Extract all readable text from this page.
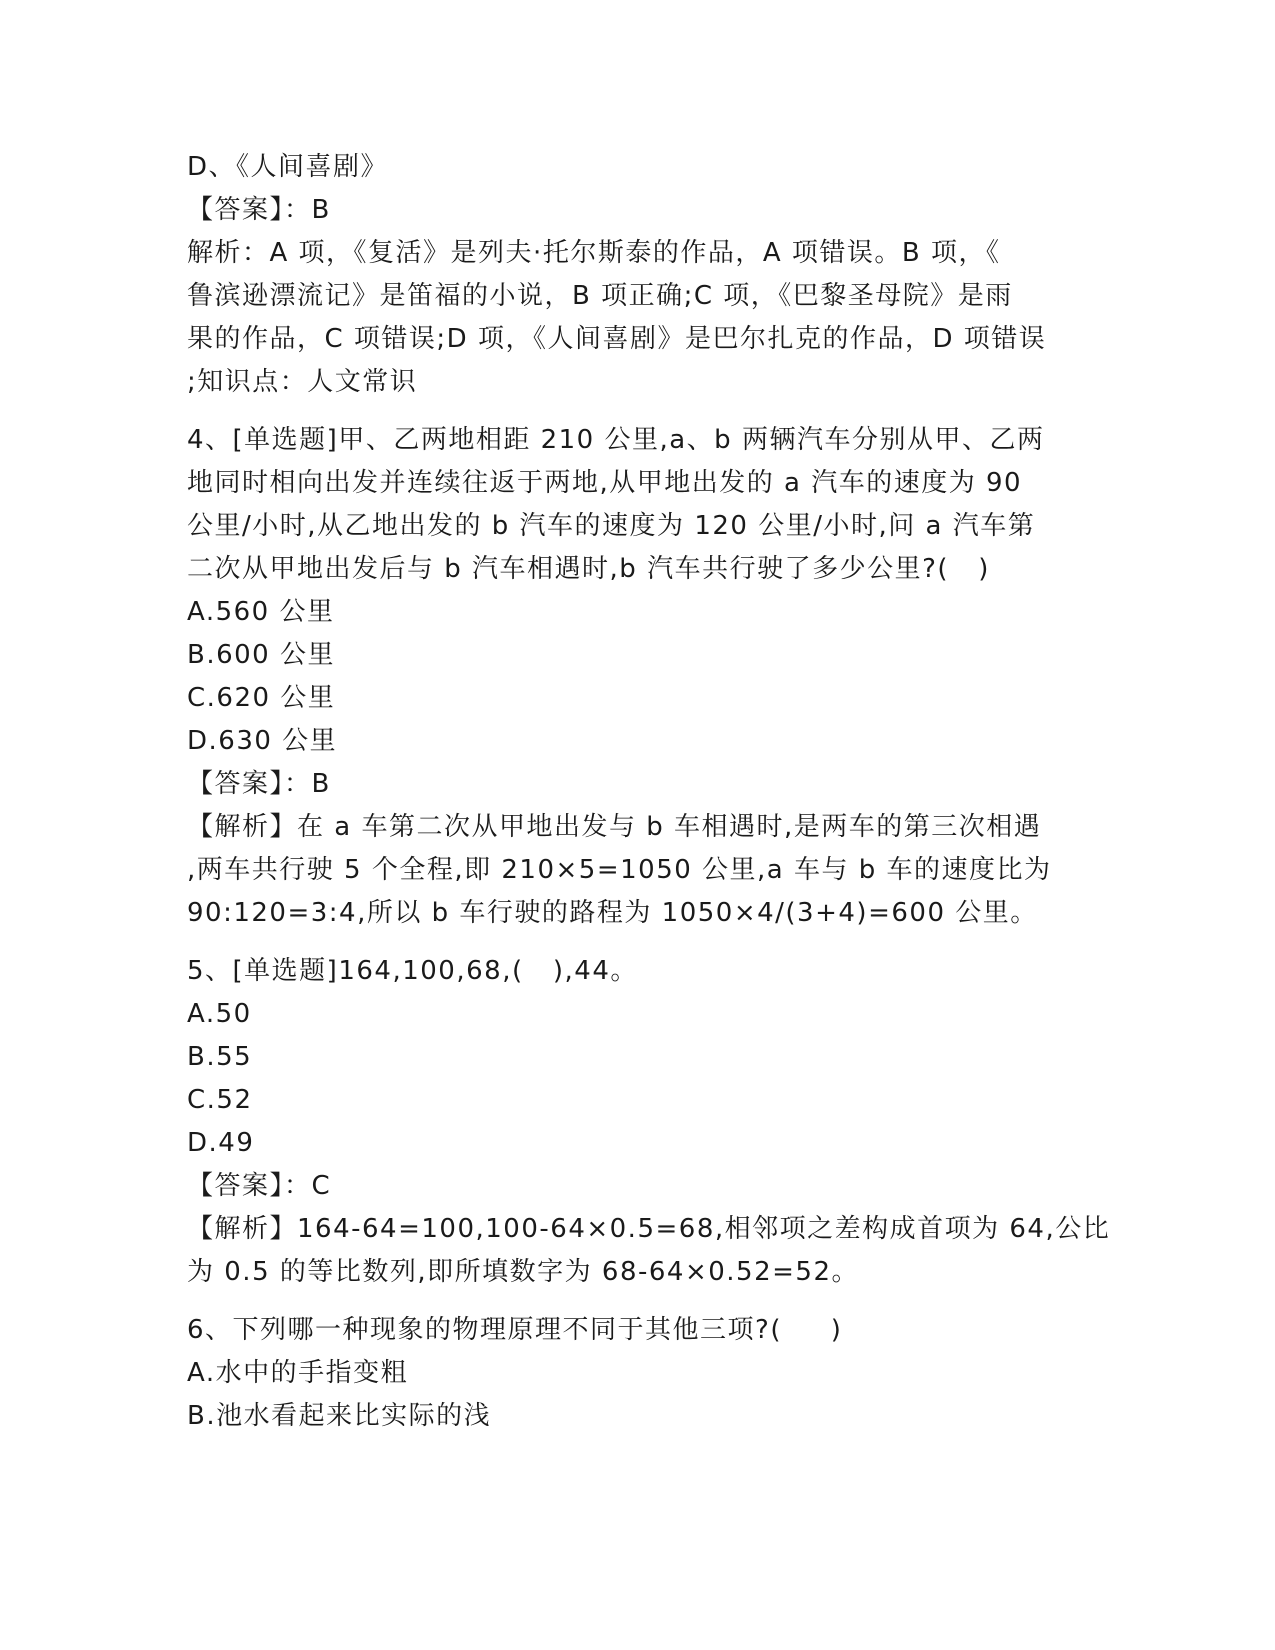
D、《人间喜剧》
【答案】：B
解析：A 项，《复活》是列夫·托尔斯泰的作品，A 项错误。B 项，《
鲁滨逊漂流记》是笛福的小说，B 项正确;C 项，《巴黎圣母院》是雨
果的作品，C 项错误;D 项，《人间喜剧》是巴尔扎克的作品，D 项错误
;知识点：人文常识
4、[单选题]甲、乙两地相距 210 公里,a、b 两辆汽车分别从甲、乙两
地同时相向出发并连续往返于两地,从甲地出发的 a 汽车的速度为 90
公里/小时,从乙地出发的 b 汽车的速度为 120 公里/小时,问 a 汽车第
二次从甲地出发后与 b 汽车相遇时,b 汽车共行驶了多少公里?(   )
A.560 公里
B.600 公里
C.620 公里
D.630 公里
【答案】：B
【解析】在 a 车第二次从甲地出发与 b 车相遇时,是两车的第三次相遇
,两车共行驶 5 个全程,即 210×5=1050 公里,a 车与 b 车的速度比为
90:120=3:4,所以 b 车行驶的路程为 1050×4/(3+4)=600 公里。
5、[单选题]164,100,68,(   ),44。
A.50
B.55
C.52
D.49
【答案】：C
【解析】164-64=100,100-64×0.5=68,相邻项之差构成首项为 64,公比
为 0.5 的等比数列,即所填数字为 68-64×0.52=52。
6、下列哪一种现象的物理原理不同于其他三项?(     )
A.水中的手指变粗
B.池水看起来比实际的浅
